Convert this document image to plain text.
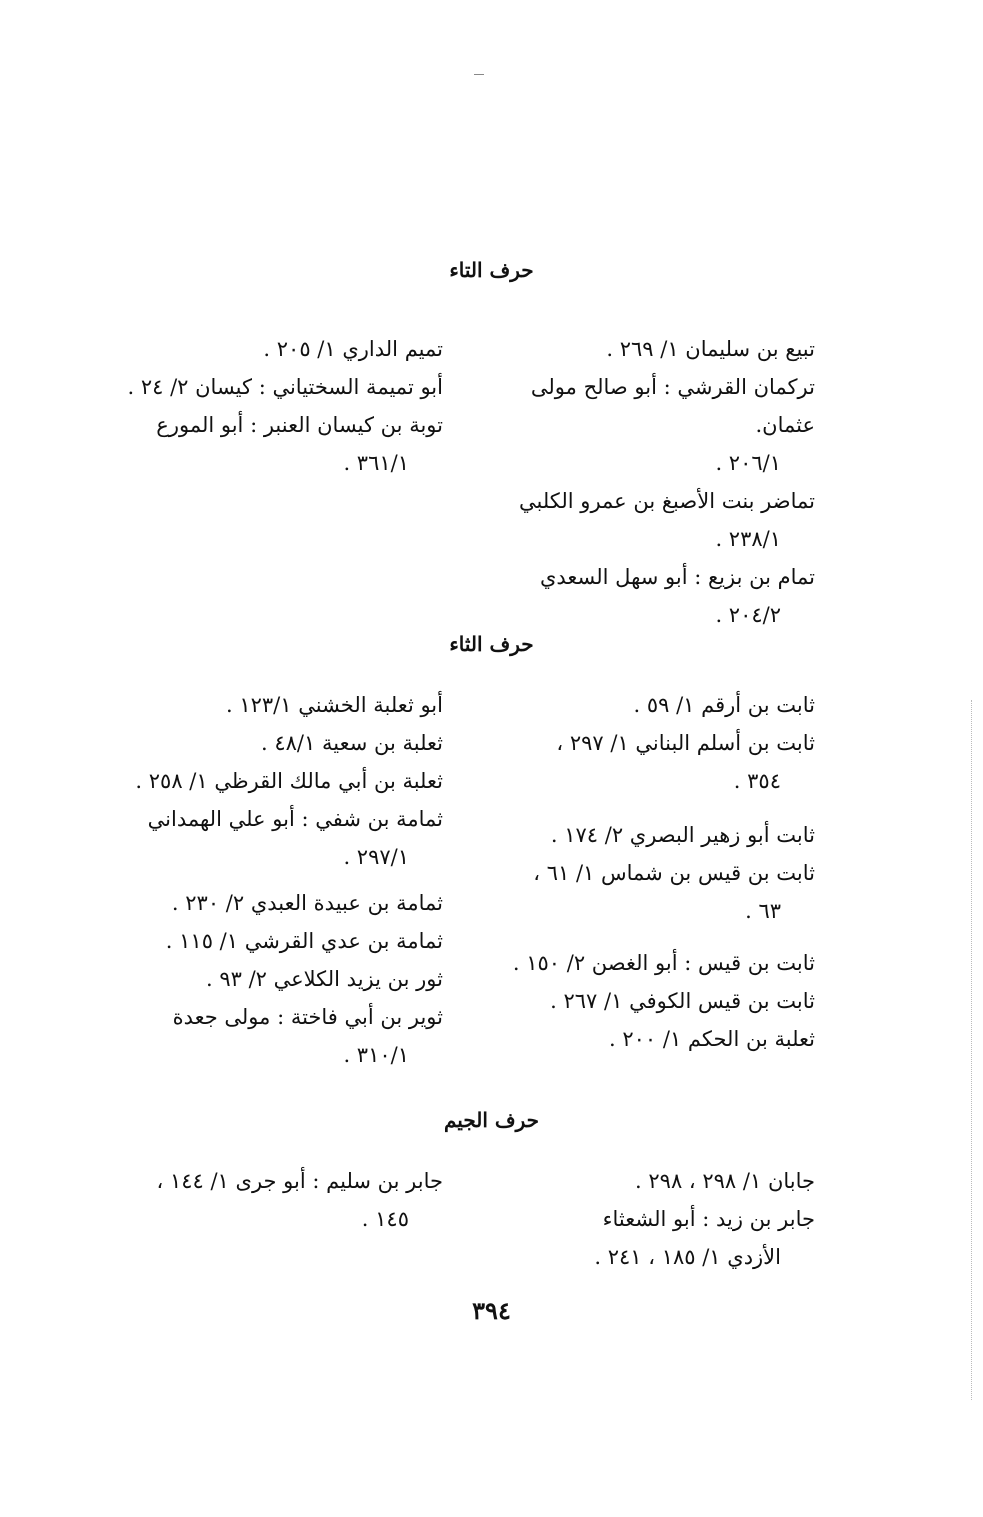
حرف التاء
تبيع بن سليمان ١/ ٢٦٩ .
تركمان القرشي : أبو صالح مولى عثمان.
٢٠٦/١ .
تماضر بنت الأصبغ بن عمرو الكلبي
٢٣٨/١ .
تمام بن بزيع : أبو سهل السعدي
٢٠٤/٢ .
تميم الداري ١/ ٢٠٥ .
أبو تميمة السختياني : كيسان ٢/ ٢٤ .
توبة بن كيسان العنبر : أبو المورع
٣٦١/١ .
حرف الثاء
ثابت بن أرقم ١/ ٥٩ .
ثابت بن أسلم البناني ١/ ٢٩٧ ،
٣٥٤ .
ثابت أبو زهير البصري ٢/ ١٧٤ .
ثابت بن قيس بن شماس ١/ ٦١ ،
٦٣ .
ثابت بن قيس : أبو الغصن ٢/ ١٥٠ .
ثابت بن قيس الكوفي ١/ ٢٦٧ .
ثعلبة بن الحكم ١/ ٢٠٠ .
أبو ثعلبة الخشني ١٢٣/١ .
ثعلبة بن سعية ٤٨/١ .
ثعلبة بن أبي مالك القرظي ١/ ٢٥٨ .
ثمامة بن شفي : أبو علي الهمداني
٢٩٧/١ .
ثمامة بن عبيدة العبدي ٢/ ٢٣٠ .
ثمامة بن عدي القرشي ١/ ١١٥ .
ثور بن يزيد الكلاعي ٢/ ٩٣ .
ثوير بن أبي فاختة : مولى جعدة
٣١٠/١ .
حرف الجيم
جابان ١/ ٢٩٨ ، ٢٩٨ .
جابر بن زيد : أبو الشعثاء
الأزدي ١/ ١٨٥ ، ٢٤١ .
جابر بن سليم : أبو جرى ١/ ١٤٤ ،
١٤٥ .
٣٩٤
